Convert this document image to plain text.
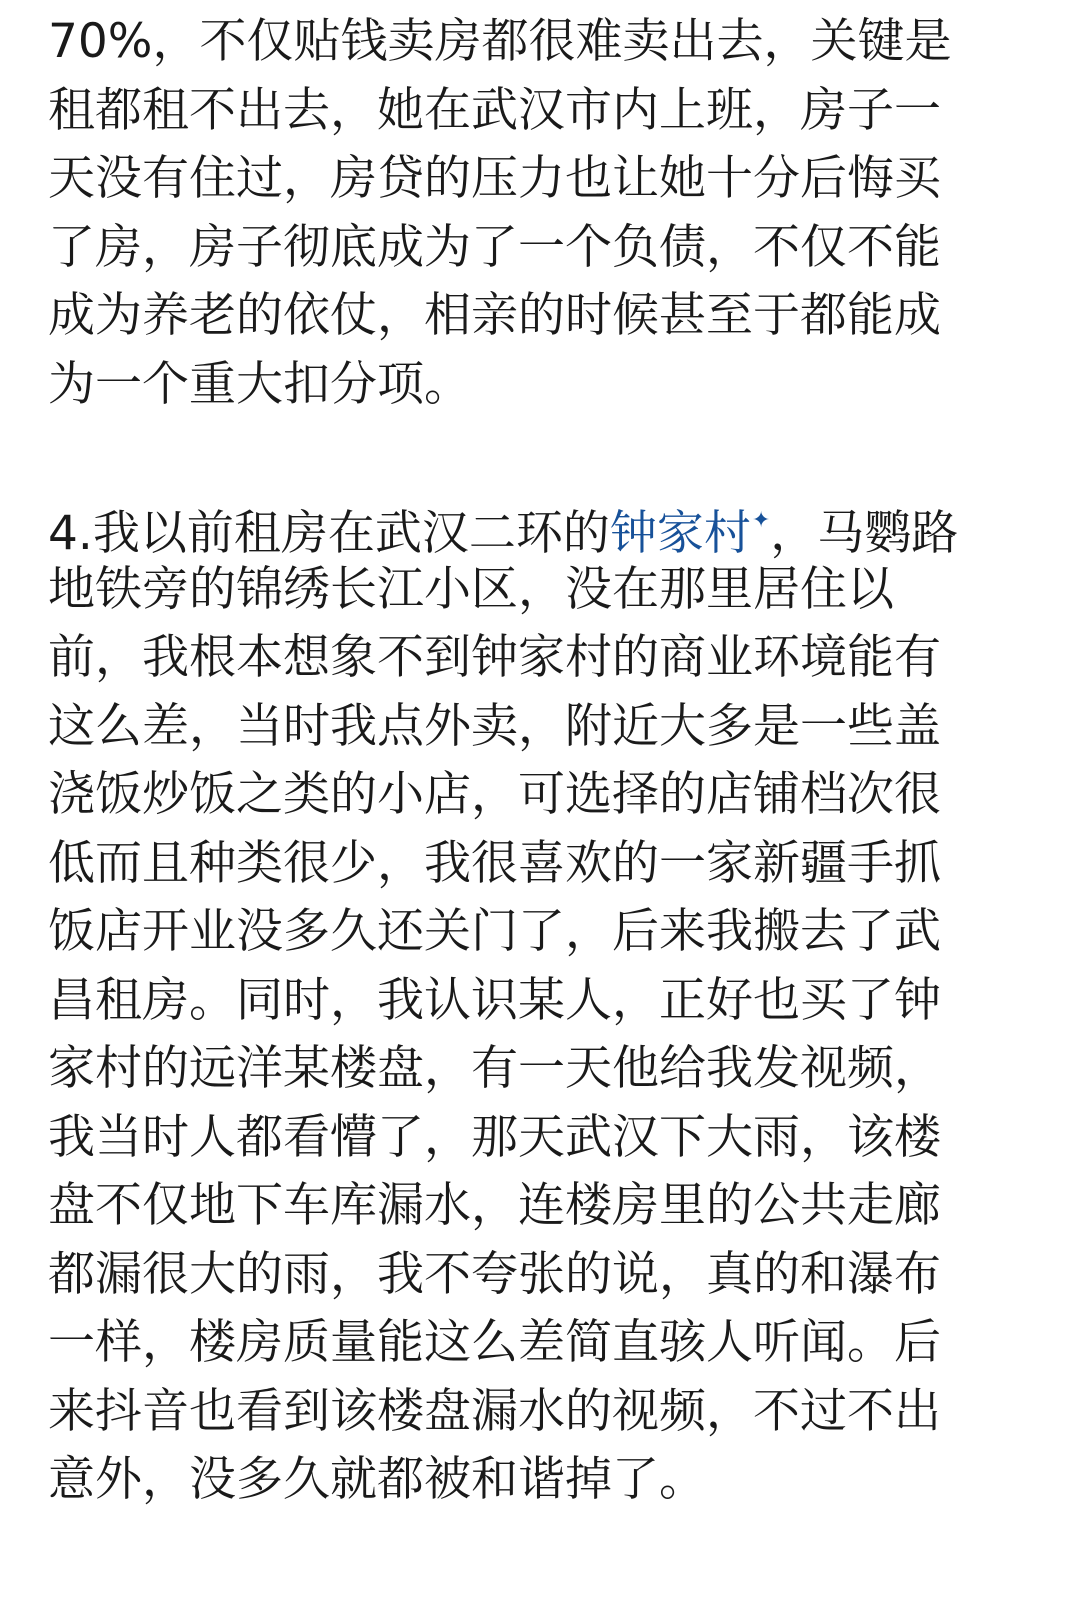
70%，不仅贴钱卖房都很难卖出去，关键是
租都租不出去，她在武汉市内上班，房子一
天没有住过，房贷的压力也让她十分后悔买
了房，房子彻底成为了一个负债，不仅不能
成为养老的依仗，相亲的时候甚至于都能成
为一个重大扣分项。
4.我以前租房在武汉二环的钟家村✦，马鹦路
地铁旁的锦绣长江小区，没在那里居住以
前，我根本想象不到钟家村的商业环境能有
这么差，当时我点外卖，附近大多是一些盖
浇饭炒饭之类的小店，可选择的店铺档次很
低而且种类很少，我很喜欢的一家新疆手抓
饭店开业没多久还关门了，后来我搬去了武
昌租房。同时，我认识某人，正好也买了钟
家村的远洋某楼盘，有一天他给我发视频，
我当时人都看懵了，那天武汉下大雨，该楼
盘不仅地下车库漏水，连楼房里的公共走廊
都漏很大的雨，我不夸张的说，真的和瀑布
一样，楼房质量能这么差简直骇人听闻。后
来抖音也看到该楼盘漏水的视频，不过不出
意外，没多久就都被和谐掉了。
